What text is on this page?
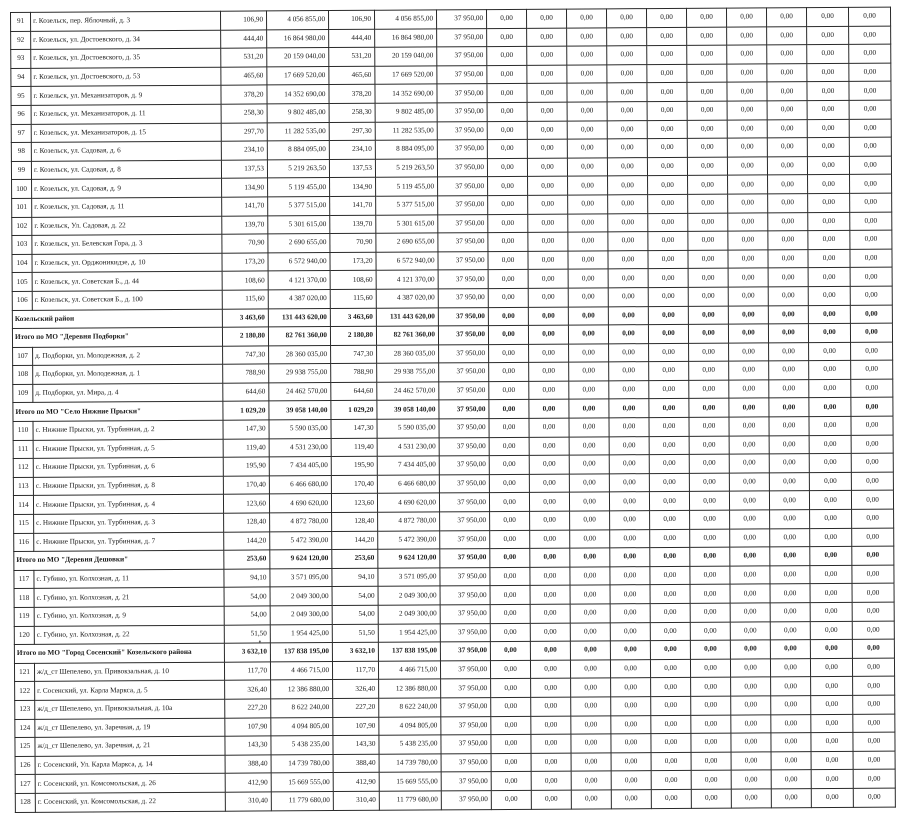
91	г. Козельск, пер. Яблочный, д. 3	106,90	4 056 855,00	106,90	4 056 855,00	37 950,00	0,00	0,00	0,00	0,00	0,00	0,00	0,00	0,00	0,00	0,00
92	г. Козельск, ул. Достоевского, д. 34	444,40	16 864 980,00	444,40	16 864 980,00	37 950,00	0,00	0,00	0,00	0,00	0,00	0,00	0,00	0,00	0,00	0,00
93	г. Козельск, ул. Достоевского, д. 35	531,20	20 159 040,00	531,20	20 159 040,00	37 950,00	0,00	0,00	0,00	0,00	0,00	0,00	0,00	0,00	0,00	0,00
94	г. Козельск, ул. Достоевского, д. 53	465,60	17 669 520,00	465,60	17 669 520,00	37 950,00	0,00	0,00	0,00	0,00	0,00	0,00	0,00	0,00	0,00	0,00
95	г. Козельск, ул. Механизаторов, д. 9	378,20	14 352 690,00	378,20	14 352 690,00	37 950,00	0,00	0,00	0,00	0,00	0,00	0,00	0,00	0,00	0,00	0,00
96	г. Козельск, ул. Механизаторов, д. 11	258,30	9 802 485,00	258,30	9 802 485,00	37 950,00	0,00	0,00	0,00	0,00	0,00	0,00	0,00	0,00	0,00	0,00
97	г. Козельск, ул. Механизаторов, д. 15	297,70	11 282 535,00	297,30	11 282 535,00	37 950,00	0,00	0,00	0,00	0,00	0,00	0,00	0,00	0,00	0,00	0,00
98	г. Козельск, ул. Садовая, д. 6	234,10	8 884 095,00	234,10	8 884 095,00	37 950,00	0,00	0,00	0,00	0,00	0,00	0,00	0,00	0,00	0,00	0,00
99	г. Козельск, ул. Садовая, д. 8	137,53	5 219 263,50	137,53	5 219 263,50	37 950,00	0,00	0,00	0,00	0,00	0,00	0,00	0,00	0,00	0,00	0,00
100	г. Козельск, ул. Садовая, д. 9	134,90	5 119 455,00	134,90	5 119 455,00	37 950,00	0,00	0,00	0,00	0,00	0,00	0,00	0,00	0,00	0,00	0,00
101	г. Козельск, ул. Садовая, д. 11	141,70	5 377 515,00	141,70	5 377 515,00	37 950,00	0,00	0,00	0,00	0,00	0,00	0,00	0,00	0,00	0,00	0,00
102	г. Козельск, Ул. Садовая, д. 22	139,70	5 301 615,00	139,70	5 301 615,00	37 950,00	0,00	0,00	0,00	0,00	0,00	0,00	0,00	0,00	0,00	0,00
103	г. Козельск, ул. Белевская Гора, д. 3	70,90	2 690 655,00	70,90	2 690 655,00	37 950,00	0,00	0,00	0,00	0,00	0,00	0,00	0,00	0,00	0,00	0,00
104	г. Козельск, ул. Орджоникидзе, д. 10	173,20	6 572 940,00	173,20	6 572 940,00	37 950,00	0,00	0,00	0,00	0,00	0,00	0,00	0,00	0,00	0,00	0,00
105	г. Козельск, ул. Советская Б., д. 44	108,60	4 121 370,00	108,60	4 121 370,00	37 950,00	0,00	0,00	0,00	0,00	0,00	0,00	0,00	0,00	0,00	0,00
106	г. Козельск, ул. Советская Б., д. 100	115,60	4 387 020,00	115,60	4 387 020,00	37 950,00	0,00	0,00	0,00	0,00	0,00	0,00	0,00	0,00	0,00	0,00
Козельский район		3 463,60	131 443 620,00	3 463,60	131 443 620,00	37 950,00	0,00	0,00	0,00	0,00	0,00	0,00	0,00	0,00	0,00	0,00
Итого по МО "Деревня Подборки"		2 180,80	82 761 360,00	2 180,80	82 761 360,00	37 950,00	0,00	0,00	0,00	0,00	0,00	0,00	0,00	0,00	0,00	0,00
107	д. Подборки, ул. Молодежная, д. 2	747,30	28 360 035,00	747,30	28 360 035,00	37 950,00	0,00	0,00	0,00	0,00	0,00	0,00	0,00	0,00	0,00	0,00
108	д. Подборки, ул. Молодежная, д. 1	788,90	29 938 755,00	788,90	29 938 755,00	37 950,00	0,00	0,00	0,00	0,00	0,00	0,00	0,00	0,00	0,00	0,00
109	д. Подборки, ул. Мира, д. 4	644,60	24 462 570,00	644,60	24 462 570,00	37 950,00	0,00	0,00	0,00	0,00	0,00	0,00	0,00	0,00	0,00	0,00
Итого по МО "Село Нижние Прыски"		1 029,20	39 058 140,00	1 029,20	39 058 140,00	37 950,00	0,00	0,00	0,00	0,00	0,00	0,00	0,00	0,00	0,00	0,00
110	с. Нижние Прыски, ул. Турбинная, д. 2	147,30	5 590 035,00	147,30	5 590 035,00	37 950,00	0,00	0,00	0,00	0,00	0,00	0,00	0,00	0,00	0,00	0,00
111	с. Нижние Прыски, ул. Турбинная, д. 5	119,40	4 531 230,00	119,40	4 531 230,00	37 950,00	0,00	0,00	0,00	0,00	0,00	0,00	0,00	0,00	0,00	0,00
112	с. Нижние Прыски, ул. Турбинная, д. 6	195,90	7 434 405,00	195,90	7 434 405,00	37 950,00	0,00	0,00	0,00	0,00	0,00	0,00	0,00	0,00	0,00	0,00
113	с. Нижние Прыски, ул. Турбинная, д. 8	170,40	6 466 680,00	170,40	6 466 680,00	37 950,00	0,00	0,00	0,00	0,00	0,00	0,00	0,00	0,00	0,00	0,00
114	с. Нижние Прыски, ул. Турбинная, д. 4	123,60	4 690 620,00	123,60	4 690 620,00	37 950,00	0,00	0,00	0,00	0,00	0,00	0,00	0,00	0,00	0,00	0,00
115	с. Нижние Прыски, ул. Турбинная, д. 3	128,40	4 872 780,00	128,40	4 872 780,00	37 950,00	0,00	0,00	0,00	0,00	0,00	0,00	0,00	0,00	0,00	0,00
116	с. Нижние Прыски, ул. Турбинная, д. 7	144,20	5 472 390,00	144,20	5 472 390,00	37 950,00	0,00	0,00	0,00	0,00	0,00	0,00	0,00	0,00	0,00	0,00
Итого по МО "Деревня Дешовки"		253,60	9 624 120,00	253,60	9 624 120,00	37 950,00	0,00	0,00	0,00	0,00	0,00	0,00	0,00	0,00	0,00	0,00
117	с. Губино, ул. Колхозная, д. 11	94,10	3 571 095,00	94,10	3 571 095,00	37 950,00	0,00	0,00	0,00	0,00	0,00	0,00	0,00	0,00	0,00	0,00
118	с. Губино, ул. Колхозная, д. 21	54,00	2 049 300,00	54,00	2 049 300,00	37 950,00	0,00	0,00	0,00	0,00	0,00	0,00	0,00	0,00	0,00	0,00
119	с. Губино, ул. Колхозная, д. 9	54,00	2 049 300,00	54,00	2 049 300,00	37 950,00	0,00	0,00	0,00	0,00	0,00	0,00	0,00	0,00	0,00	0,00
120	с. Губино, ул. Колхозная, д. 22	51,50	1 954 425,00	51,50	1 954 425,00	37 950,00	0,00	0,00	0,00	0,00	0,00	0,00	0,00	0,00	0,00	0,00
Итого по МО "Город Сосенский" Козельского района		3 632,10	137 838 195,00	3 632,10	137 838 195,00	37 950,00	0,00	0,00	0,00	0,00	0,00	0,00	0,00	0,00	0,00	0,00
121	ж/д_ст Шепелево, ул. Привокзальная, д. 10	117,70	4 466 715,00	117,70	4 466 715,00	37 950,00	0,00	0,00	0,00	0,00	0,00	0,00	0,00	0,00	0,00	0,00
122	г. Сосенский, ул. Карла Маркса, д. 5	326,40	12 386 880,00	326,40	12 386 880,00	37 950,00	0,00	0,00	0,00	0,00	0,00	0,00	0,00	0,00	0,00	0,00
123	ж/д_ст Шепелево, ул. Привокзальная, д. 10а	227,20	8 622 240,00	227,20	8 622 240,00	37 950,00	0,00	0,00	0,00	0,00	0,00	0,00	0,00	0,00	0,00	0,00
124	ж/д_ст Шепелево, ул. Заречная, д. 19	107,90	4 094 805,00	107,90	4 094 805,00	37 950,00	0,00	0,00	0,00	0,00	0,00	0,00	0,00	0,00	0,00	0,00
125	ж/д_ст Шепелево, ул. Заречная, д. 21	143,30	5 438 235,00	143,30	5 438 235,00	37 950,00	0,00	0,00	0,00	0,00	0,00	0,00	0,00	0,00	0,00	0,00
126	г. Сосенский, Ул. Карла Маркса, д. 14	388,40	14 739 780,00	388,40	14 739 780,00	37 950,00	0,00	0,00	0,00	0,00	0,00	0,00	0,00	0,00	0,00	0,00
127	г. Сосенский, ул. Комсомольская, д. 26	412,90	15 669 555,00	412,90	15 669 555,00	37 950,00	0,00	0,00	0,00	0,00	0,00	0,00	0,00	0,00	0,00	0,00
128	г. Сосенский, ул. Комсомольская, д. 22	310,40	11 779 680,00	310,40	11 779 680,00	37 950,00	0,00	0,00	0,00	0,00	0,00	0,00	0,00	0,00	0,00	0,00
